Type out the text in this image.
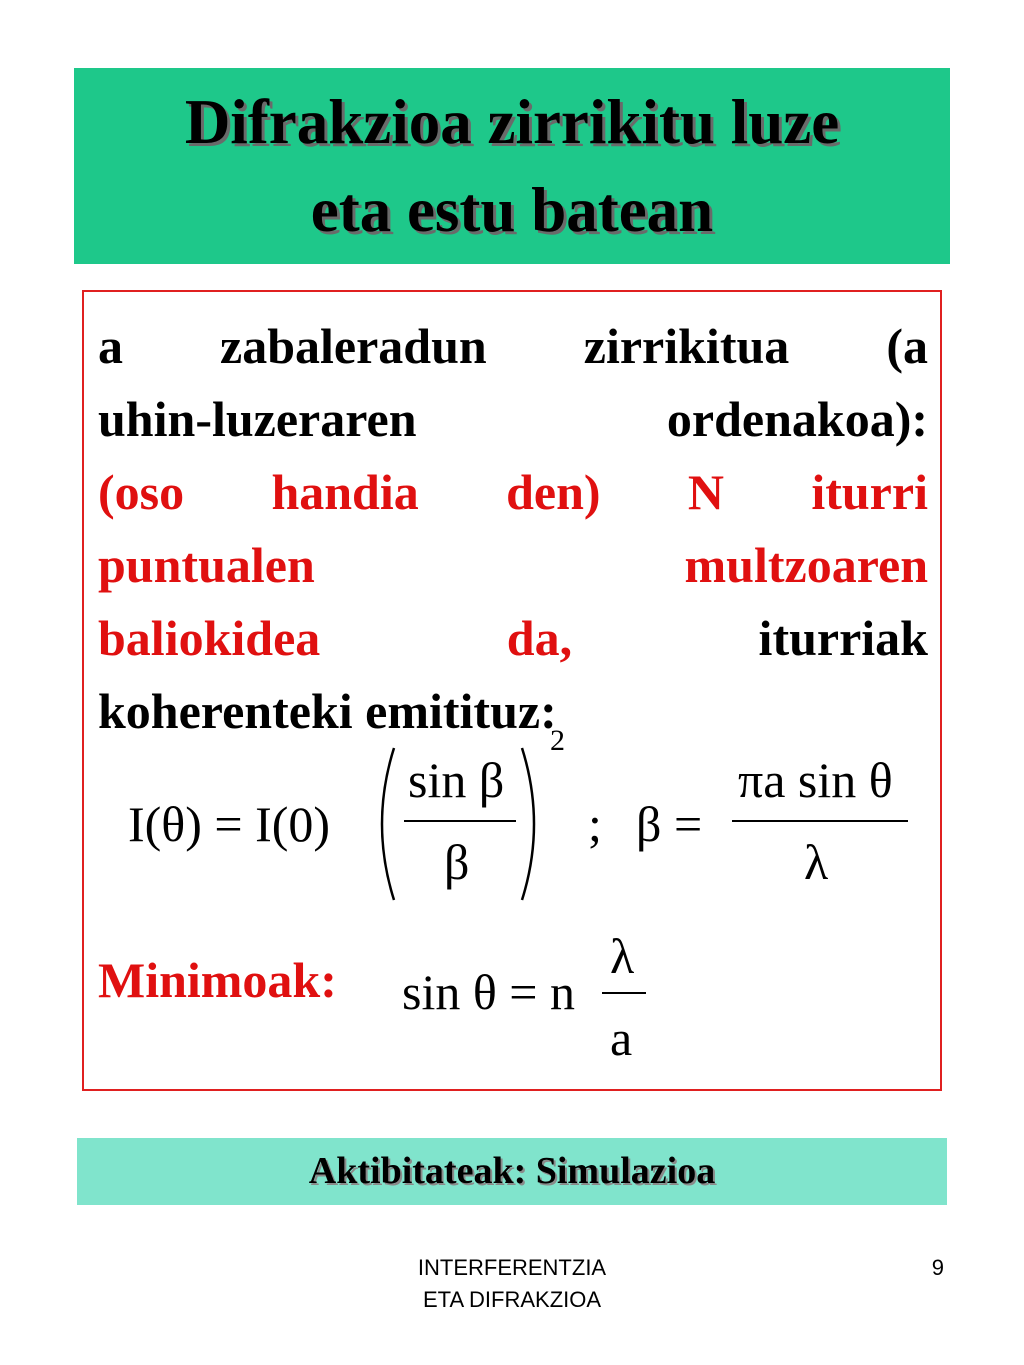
Difrakzioa zirrikitu luze
eta estu batean
a zabaleradun zirrikitua (a
uhin-luzeraren	ordenakoa):
(oso handia den) N iturri
puntualen	multzoaren
baliokidea	da,	iturriak
koherenteki emitituz:
I(θ) = I(0)
sin β
β
2
; β =
πa sin θ
λ
Minimoak: sin θ = n
λ
a
Aktibitateak: Simulazioa
INTERFERENTZIA
ETA DIFRAKZIOA
9
